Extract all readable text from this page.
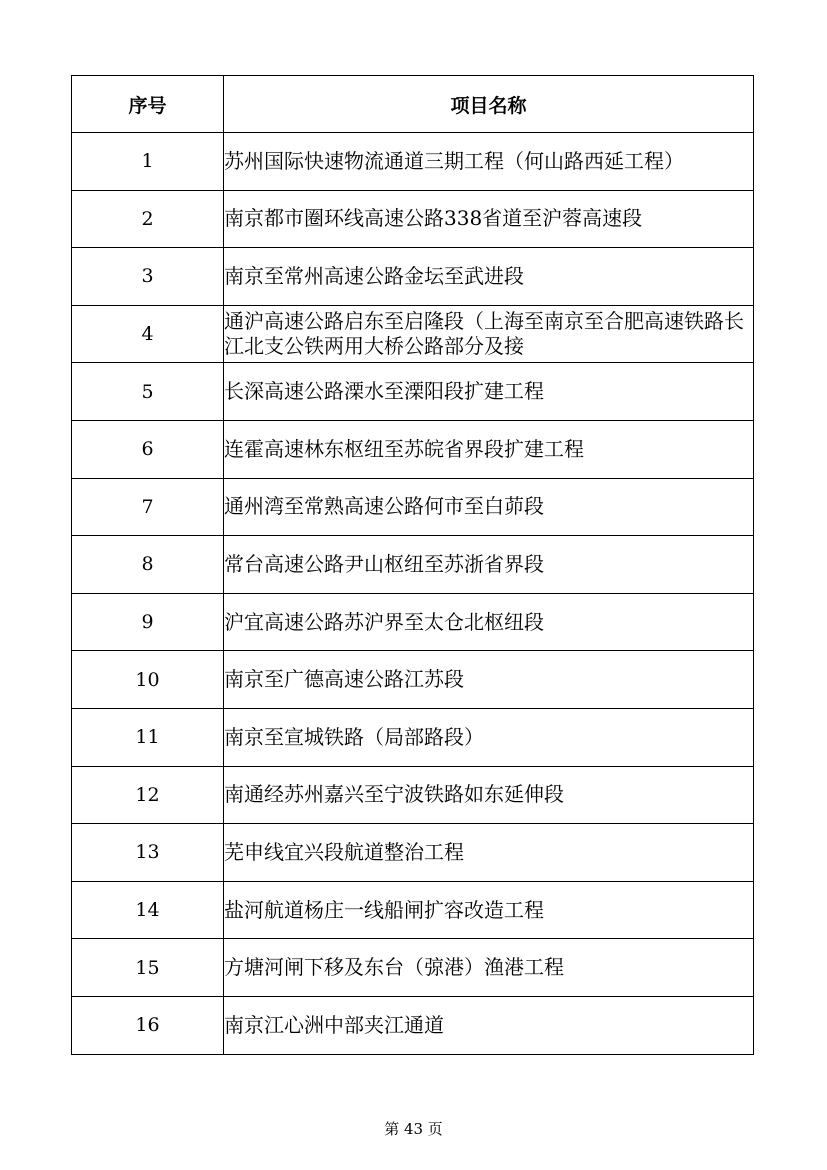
序号	项目名称
1	苏州国际快速物流通道三期工程（何山路西延工程）

2	南京都市圈环线高速公路338省道至沪蓉高速段

3	南京至常州高速公路金坛至武进段

4	通沪高速公路启东至启隆段（上海至南京至合肥高速铁路长江北支公铁两用大桥公路部分及接

5	长深高速公路溧水至溧阳段扩建工程

6	连霍高速林东枢纽至苏皖省界段扩建工程

7	通州湾至常熟高速公路何市至白茆段

8	常台高速公路尹山枢纽至苏浙省界段

9	沪宜高速公路苏沪界至太仓北枢纽段

10	南京至广德高速公路江苏段

11	南京至宣城铁路（局部路段）

12	南通经苏州嘉兴至宁波铁路如东延伸段

13	芜申线宜兴段航道整治工程

14	盐河航道杨庄一线船闸扩容改造工程

15	方塘河闸下移及东台（弶港）渔港工程

16	南京江心洲中部夹江通道
第 43 页
